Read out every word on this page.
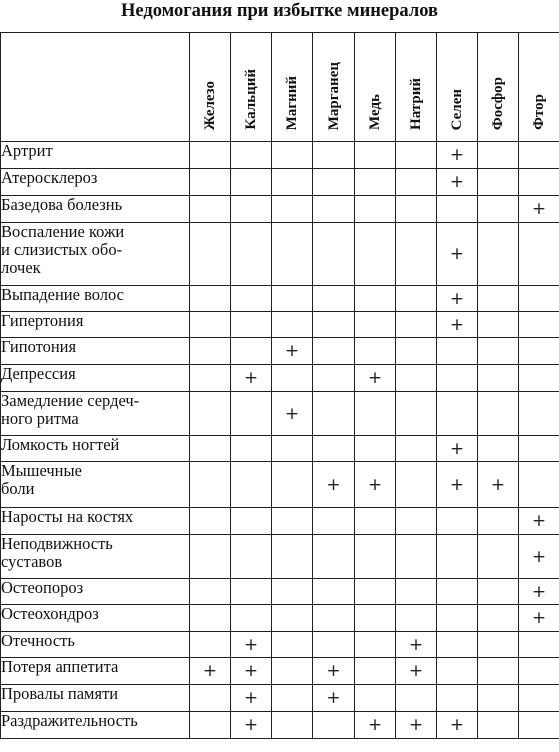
Недомогания при избытке минералов
	Железо	Кальций	Магний	Марганец	Медь	Натрий	Селен	Фосфор	Фтор
Артрит							+		
Атеросклероз							+		
Базедова болезнь									+
Воспаление кожи
и слизистых обо-
лочек							+		
Выпадение волос							+		
Гипертония							+		
Гипотония			+						
Депрессия		+			+				
Замедление сердеч-
ного ритма			+						
Ломкость ногтей							+		
Мышечные
боли				+	+		+	+	
Наросты на костях									+
Неподвижность
суставов									+
Остеопороз									+
Остеохондроз									+
Отечность		+				+			
Потеря аппетита	+	+		+		+			
Провалы памяти		+		+					
Раздражительность		+			+	+	+		
